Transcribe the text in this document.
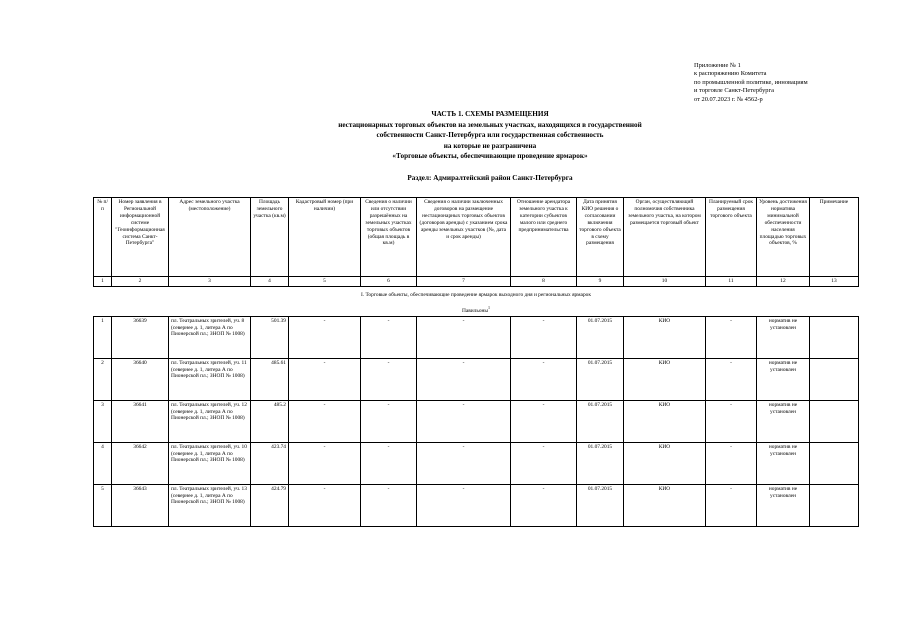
Приложение № 1
к распоряжению Комитета
по промышленной политике, инновациям
и торговле Санкт-Петербурга
от 20.07.2023 г. № 4562-р
ЧАСТЬ 1. СХЕМЫ РАЗМЕЩЕНИЯ
нестационарных торговых объектов на земельных участках, находящихся в государственной
собственности Санкт-Петербурга или государственная собственность
на которые не разграничена
«Торговые объекты, обеспечивающие проведение ярмарок»
Раздел: Адмиралтейский район Санкт-Петербурга
№ п/п	Номер заявления в Региональной информационной системе "Геоинформационная система Санкт-Петербурга"	Адрес земельного участка (местоположение)	Площадь земельного участка (кв.м)	Кадастровый номер (при наличии)	Сведения о наличии или отсутствии разрешённых на земельных участках торговых объектов (общая площадь в кв.м)	Сведения о наличии заключенных договоров на размещение нестационарных торговых объектов (договоров аренды) с указанием срока аренды земельных участков (№, дата и срок аренды)	Отношение арендатора земельного участка к категории субъектов малого или среднего предпринимательства	Дата принятия КИО решения о согласовании включения торгового объекта в схему размещения	Орган, осуществляющий полномочия собственника земельного участка, на котором размещается торговый объект	Планируемый срок размещения торгового объекта	Уровень достижения норматива минимальной обеспеченности населения площадью торговых объектов, %	Примечание
1	2	3	4	5	6	7	8	9	10	11	12	13

I. Торговые объекты, обеспечивающие проведение ярмарок выходного дня и региональных ярмарок
Павильоны$^1$

1	36639	пл. Театральных зрителей, уч. 8 (севернее д. 1, литера А по Пионерской пл.; ЗНОП № 1008)	501.39	-	-	-	-	01.07.2015	КИО	-	норматив не установлен	
2	36640	пл. Театральных зрителей, уч. 11 (севернее д. 1, литера А по Пионерской пл.; ЗНОП № 1008)	485.61	-	-	-	-	01.07.2015	КИО	-	норматив не установлен	
3	36641	пл. Театральных зрителей, уч. 12 (севернее д. 1, литера А по Пионерской пл.; ЗНОП № 1008)	485.2	-	-	-	-	01.07.2015	КИО	-	норматив не установлен	
4	36642	пл. Театральных зрителей, уч. 10 (севернее д. 1, литера А по Пионерской пл.; ЗНОП № 1008)	423.74	-	-	-	-	01.07.2015	КИО	-	норматив не установлен	
5	36643	пл. Театральных зрителей, уч. 13 (севернее д. 1, литера А по Пионерской пл.; ЗНОП № 1008)	424.79	-	-	-	-	01.07.2015	КИО	-	норматив не установлен	
